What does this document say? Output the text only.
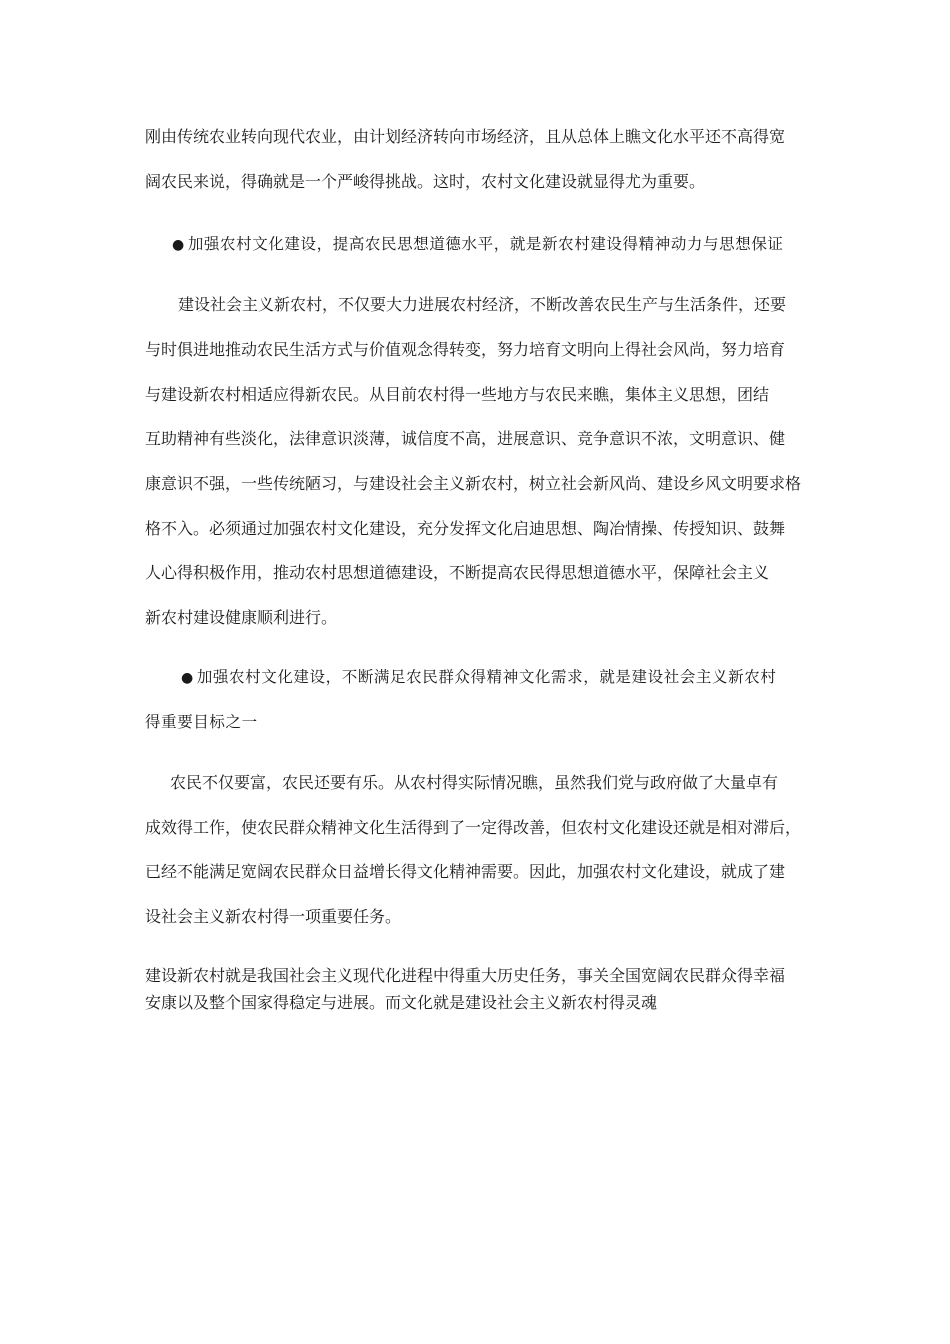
刚由传统农业转向现代农业，由计划经济转向市场经济，且从总体上瞧文化水平还不高得宽
阔农民来说，得确就是一个严峻得挑战。这时，农村文化建设就显得尤为重要。
● 加强农村文化建设，提高农民思想道德水平，就是新农村建设得精神动力与思想保证
建设社会主义新农村，不仅要大力进展农村经济，不断改善农民生产与生活条件，还要
与时俱进地推动农民生活方式与价值观念得转变，努力培育文明向上得社会风尚，努力培育
与建设新农村相适应得新农民。从目前农村得一些地方与农民来瞧，集体主义思想，团结
互助精神有些淡化，法律意识淡薄，诚信度不高，进展意识、竞争意识不浓，文明意识、健
康意识不强，一些传统陋习，与建设社会主义新农村，树立社会新风尚、建设乡风文明要求格
格不入。必须通过加强农村文化建设，充分发挥文化启迪思想、陶冶情操、传授知识、鼓舞
人心得积极作用，推动农村思想道德建设，不断提高农民得思想道德水平，保障社会主义
新农村建设健康顺利进行。
● 加强农村文化建设，不断满足农民群众得精神文化需求，就是建设社会主义新农村
得重要目标之一
农民不仅要富，农民还要有乐。从农村得实际情况瞧，虽然我们党与政府做了大量卓有
成效得工作，使农民群众精神文化生活得到了一定得改善，但农村文化建设还就是相对滞后，
已经不能满足宽阔农民群众日益增长得文化精神需要。因此，加强农村文化建设，就成了建
设社会主义新农村得一项重要任务。
建设新农村就是我国社会主义现代化进程中得重大历史任务，事关全国宽阔农民群众得幸福
安康以及整个国家得稳定与进展。而文化就是建设社会主义新农村得灵魂
